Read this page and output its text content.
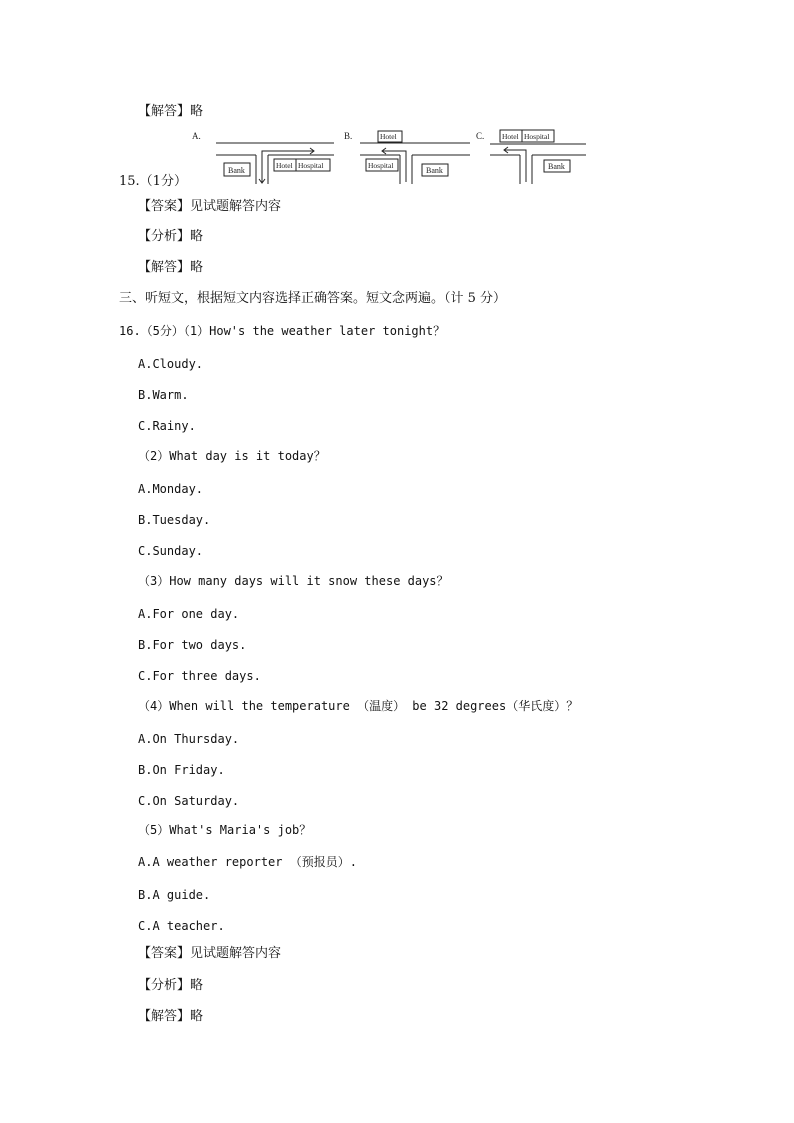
【解答】略
A.
Bank
Hotel Hospital
B.	Hotel
Hospital
Bank
C. Hotel Hospital
Bank
15.（1分）
【答案】见试题解答内容
【分析】略
【解答】略
三、听短文，根据短文内容选择正确答案。短文念两遍。（计 5 分）
16.（5分）（1）How's the weather later tonight？
A.Cloudy.
B.Warm.
C.Rainy.
（2）What day is it today？
A.Monday.
B.Tuesday.
C.Sunday.
（3）How many days will it snow these days？
A.For one day.
B.For two days.
C.For three days.
（4）When will the temperature （温度） be 32 degrees（华氏度）？
A.On Thursday.
B.On Friday.
C.On Saturday.
（5）What's Maria's job？
A.A weather reporter （预报员）.
B.A guide.
C.A teacher.
【答案】见试题解答内容
【分析】略
【解答】略
